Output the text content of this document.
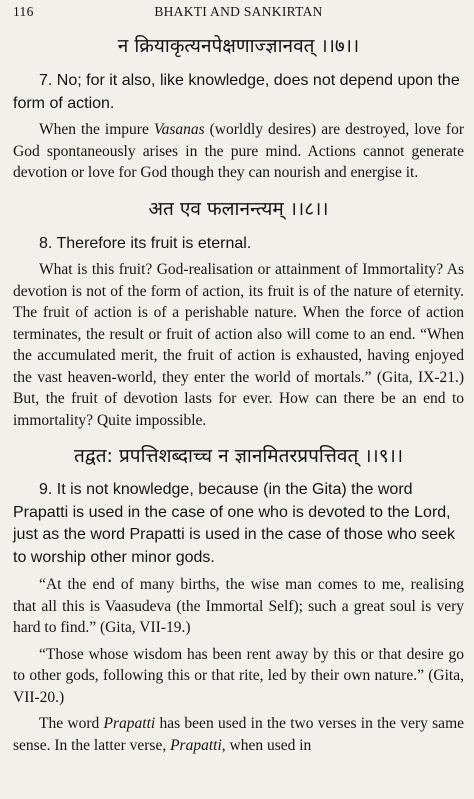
116	BHAKTI AND SANKIRTAN

न क्रियाकृत्यनपेक्षणाज्ज्ञानवत् ।।७।।

7. No; for it also, like knowledge, does not depend upon the form of action.

When the impure Vasanas (worldly desires) are destroyed, love for God spontaneously arises in the pure mind. Actions cannot generate devotion or love for God though they can nourish and energise it.

अत एव फलानन्त्यम् ।।८।।

8. Therefore its fruit is eternal.

What is this fruit? God-realisation or attainment of Immortality? As devotion is not of the form of action, its fruit is of the nature of eternity. The fruit of action is of a perishable nature. When the force of action terminates, the result or fruit of action also will come to an end. “When the accumulated merit, the fruit of action is exhausted, having enjoyed the vast heaven-world, they enter the world of mortals.” (Gita, IX-21.) But, the fruit of devotion lasts for ever. How can there be an end to immortality? Quite impossible.

तद्वत: प्रपत्तिशब्दाच्च न ज्ञानमितरप्रपत्तिवत् ।।९।।

9. It is not knowledge, because (in the Gita) the word Prapatti is used in the case of one who is devoted to the Lord, just as the word Prapatti is used in the case of those who seek to worship other minor gods.

“At the end of many births, the wise man comes to me, realising that all this is Vaasudeva (the Immortal Self); such a great soul is very hard to find.” (Gita, VII-19.)

“Those whose wisdom has been rent away by this or that desire go to other gods, following this or that rite, led by their own nature.” (Gita, VII-20.)

The word Prapatti has been used in the two verses in the very same sense. In the latter verse, Prapatti, when used in
